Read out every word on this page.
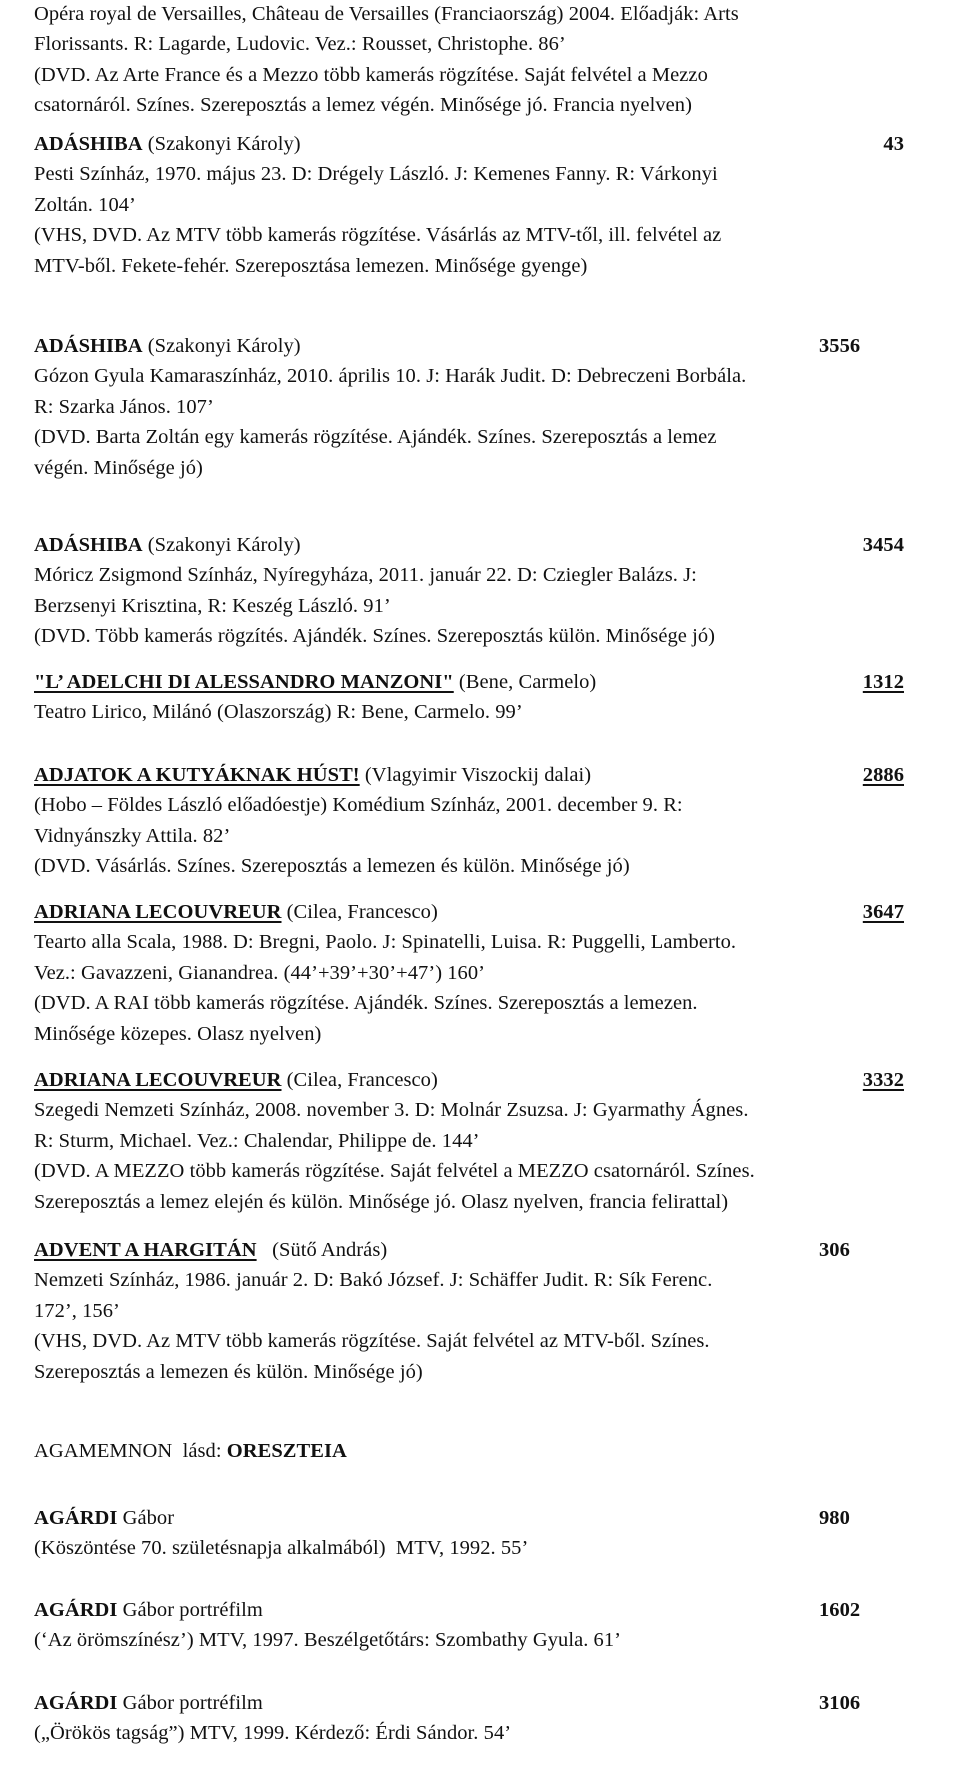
Opéra royal de Versailles, Château de Versailles (Franciaország) 2004. Előadják: Arts
Florissants. R: Lagarde, Ludovic. Vez.: Rousset, Christophe. 86’
(DVD. Az Arte France és a Mezzo több kamerás rögzítése. Saját felvétel a Mezzo
csatornáról. Színes. Szereposztás a lemez végén. Minősége jó. Francia nyelven)
ADÁSHIBA (Szakonyi Károly)	43
Pesti Színház, 1970. május 23. D: Drégely László. J: Kemenes Fanny. R: Várkonyi
Zoltán. 104’
(VHS, DVD. Az MTV több kamerás rögzítése. Vásárlás az MTV-től, ill. felvétel az
MTV-ből. Fekete-fehér. Szereposztása lemezen. Minősége gyenge)
ADÁSHIBA (Szakonyi Károly)	3556
Gózon Gyula Kamaraszínház, 2010. április 10. J: Harák Judit. D: Debreczeni Borbála.
R: Szarka János. 107’
(DVD. Barta Zoltán egy kamerás rögzítése. Ajándék. Színes. Szereposztás a lemez
végén. Minősége jó)
ADÁSHIBA (Szakonyi Károly)	3454
Móricz Zsigmond Színház, Nyíregyháza, 2011. január 22. D: Cziegler Balázs. J:
Berzsenyi Krisztina, R: Keszég László. 91’
(DVD. Több kamerás rögzítés. Ajándék. Színes. Szereposztás külön. Minősége jó)
"L’ ADELCHI DI ALESSANDRO MANZONI" (Bene, Carmelo)	1312
Teatro Lirico, Milánó (Olaszország) R: Bene, Carmelo. 99’
ADJATOK A KUTYÁKNAK HÚST! (Vlagyimir Viszockij dalai)	2886
(Hobo – Földes László előadóestje) Komédium Színház, 2001. december 9. R:
Vidnyánszky Attila. 82’
(DVD. Vásárlás. Színes. Szereposztás a lemezen és külön. Minősége jó)
ADRIANA LECOUVREUR (Cilea, Francesco)	3647
Tearto alla Scala, 1988. D: Bregni, Paolo. J: Spinatelli, Luisa. R: Puggelli, Lamberto.
Vez.: Gavazzeni, Gianandrea. (44’+39’+30’+47’) 160’
(DVD. A RAI több kamerás rögzítése. Ajándék. Színes. Szereposztás a lemezen.
Minősége közepes. Olasz nyelven)
ADRIANA LECOUVREUR (Cilea, Francesco)	3332
Szegedi Nemzeti Színház, 2008. november 3. D: Molnár Zsuzsa. J: Gyarmathy Ágnes.
R: Sturm, Michael. Vez.: Chalendar, Philippe de. 144’
(DVD. A MEZZO több kamerás rögzítése. Saját felvétel a MEZZO csatornáról. Színes.
Szereposztás a lemez elején és külön. Minősége jó. Olasz nyelven, francia felirattal)
ADVENT A HARGITÁN   (Sütő András)	306
Nemzeti Színház, 1986. január 2. D: Bakó József. J: Schäffer Judit. R: Sík Ferenc.
172’, 156’
(VHS, DVD. Az MTV több kamerás rögzítése. Saját felvétel az MTV-ből. Színes.
Szereposztás a lemezen és külön. Minősége jó)
AGAMEMNON  lásd: ORESZTEIA
AGÁRDI Gábor	980
(Köszöntése 70. születésnapja alkalmából)  MTV, 1992. 55’
AGÁRDI Gábor portréfilm	1602
(‘Az örömszínész’) MTV, 1997. Beszélgetőtárs: Szombathy Gyula. 61’
AGÁRDI Gábor portréfilm	3106
(„Örökös tagság”) MTV, 1999. Kérdező: Érdi Sándor. 54’
